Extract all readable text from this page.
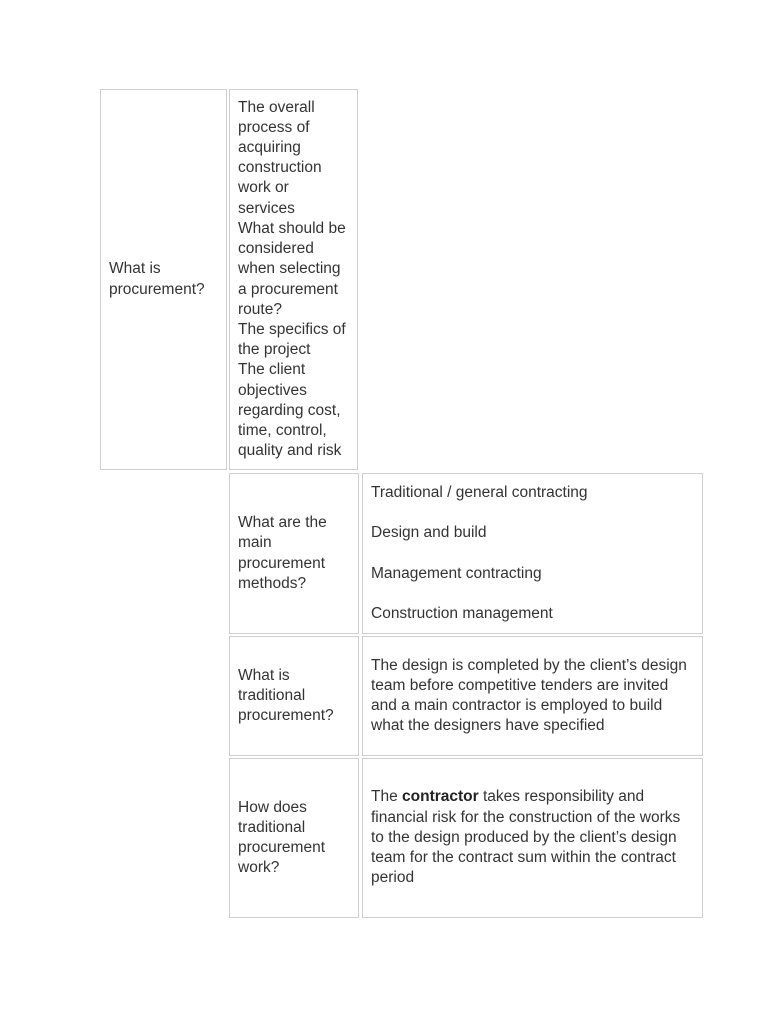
What is procurement?
The overall process of acquiring construction work or services
What should be considered when selecting a procurement route?
The specifics of the project
The client objectives regarding cost, time, control, quality and risk
What are the main procurement methods?
Traditional / general contracting
Design and build
Management contracting
Construction management
What is traditional procurement?
The design is completed by the client’s design team before competitive tenders are invited and a main contractor is employed to build what the designers have specified
How does traditional procurement work?
The contractor takes responsibility and financial risk for the construction of the works to the design produced by the client’s design team for the contract sum within the contract period
